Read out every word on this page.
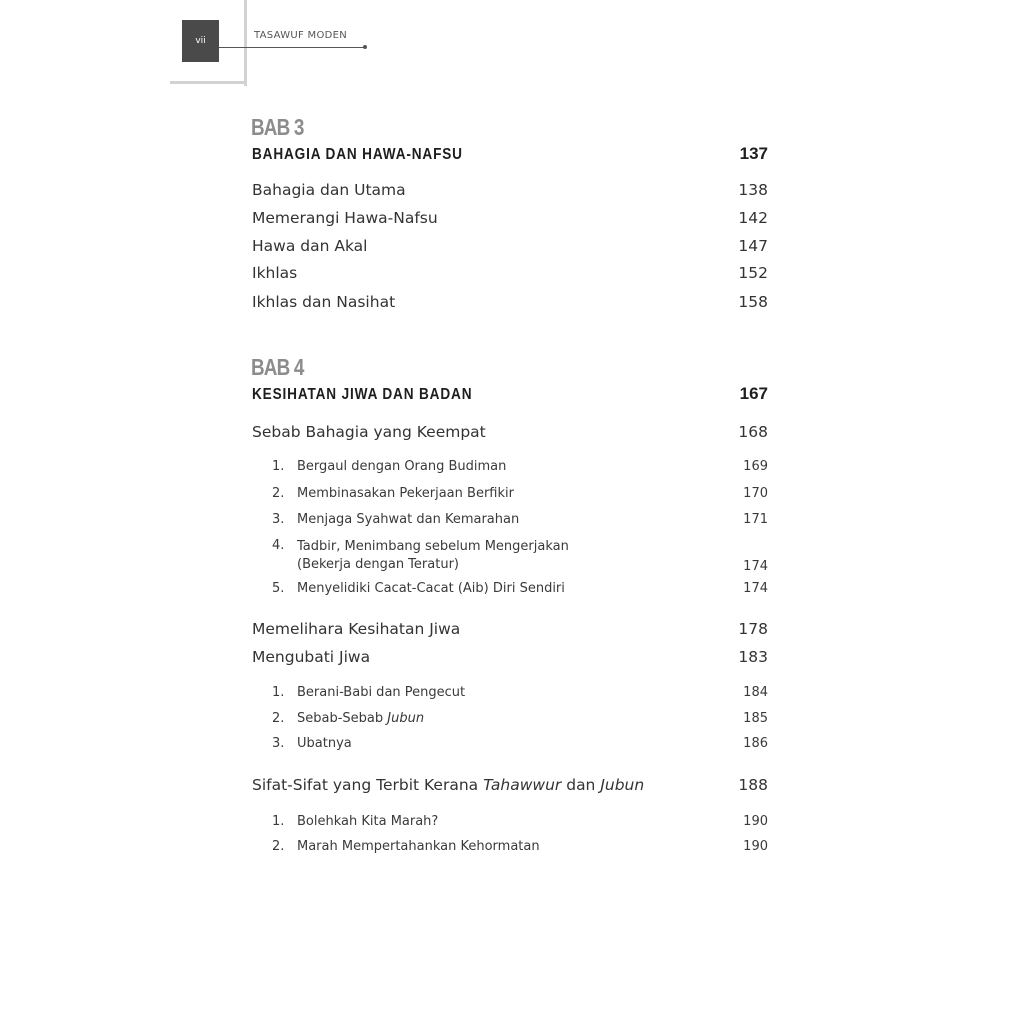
vii	TASAWUF MODEN
BAB 3
BAHAGIA DAN HAWA-NAFSU	137
Bahagia dan Utama	138
Memerangi Hawa-Nafsu	142
Hawa dan Akal	147
Ikhlas	152
Ikhlas dan Nasihat	158
BAB 4
KESIHATAN JIWA DAN BADAN	167
Sebab Bahagia yang Keempat	168
1. Bergaul dengan Orang Budiman	169
2. Membinasakan Pekerjaan Berfikir	170
3. Menjaga Syahwat dan Kemarahan	171
4. Tadbir, Menimbang sebelum Mengerjakan
(Bekerja dengan Teratur)	174
5. Menyelidiki Cacat-Cacat (Aib) Diri Sendiri	174
Memelihara Kesihatan Jiwa	178
Mengubati Jiwa	183
1. Berani-Babi dan Pengecut	184
2. Sebab-Sebab Jubun	185
3. Ubatnya	186
Sifat-Sifat yang Terbit Kerana Tahawwur dan Jubun	188
1. Bolehkah Kita Marah?	190
2. Marah Mempertahankan Kehormatan	190
